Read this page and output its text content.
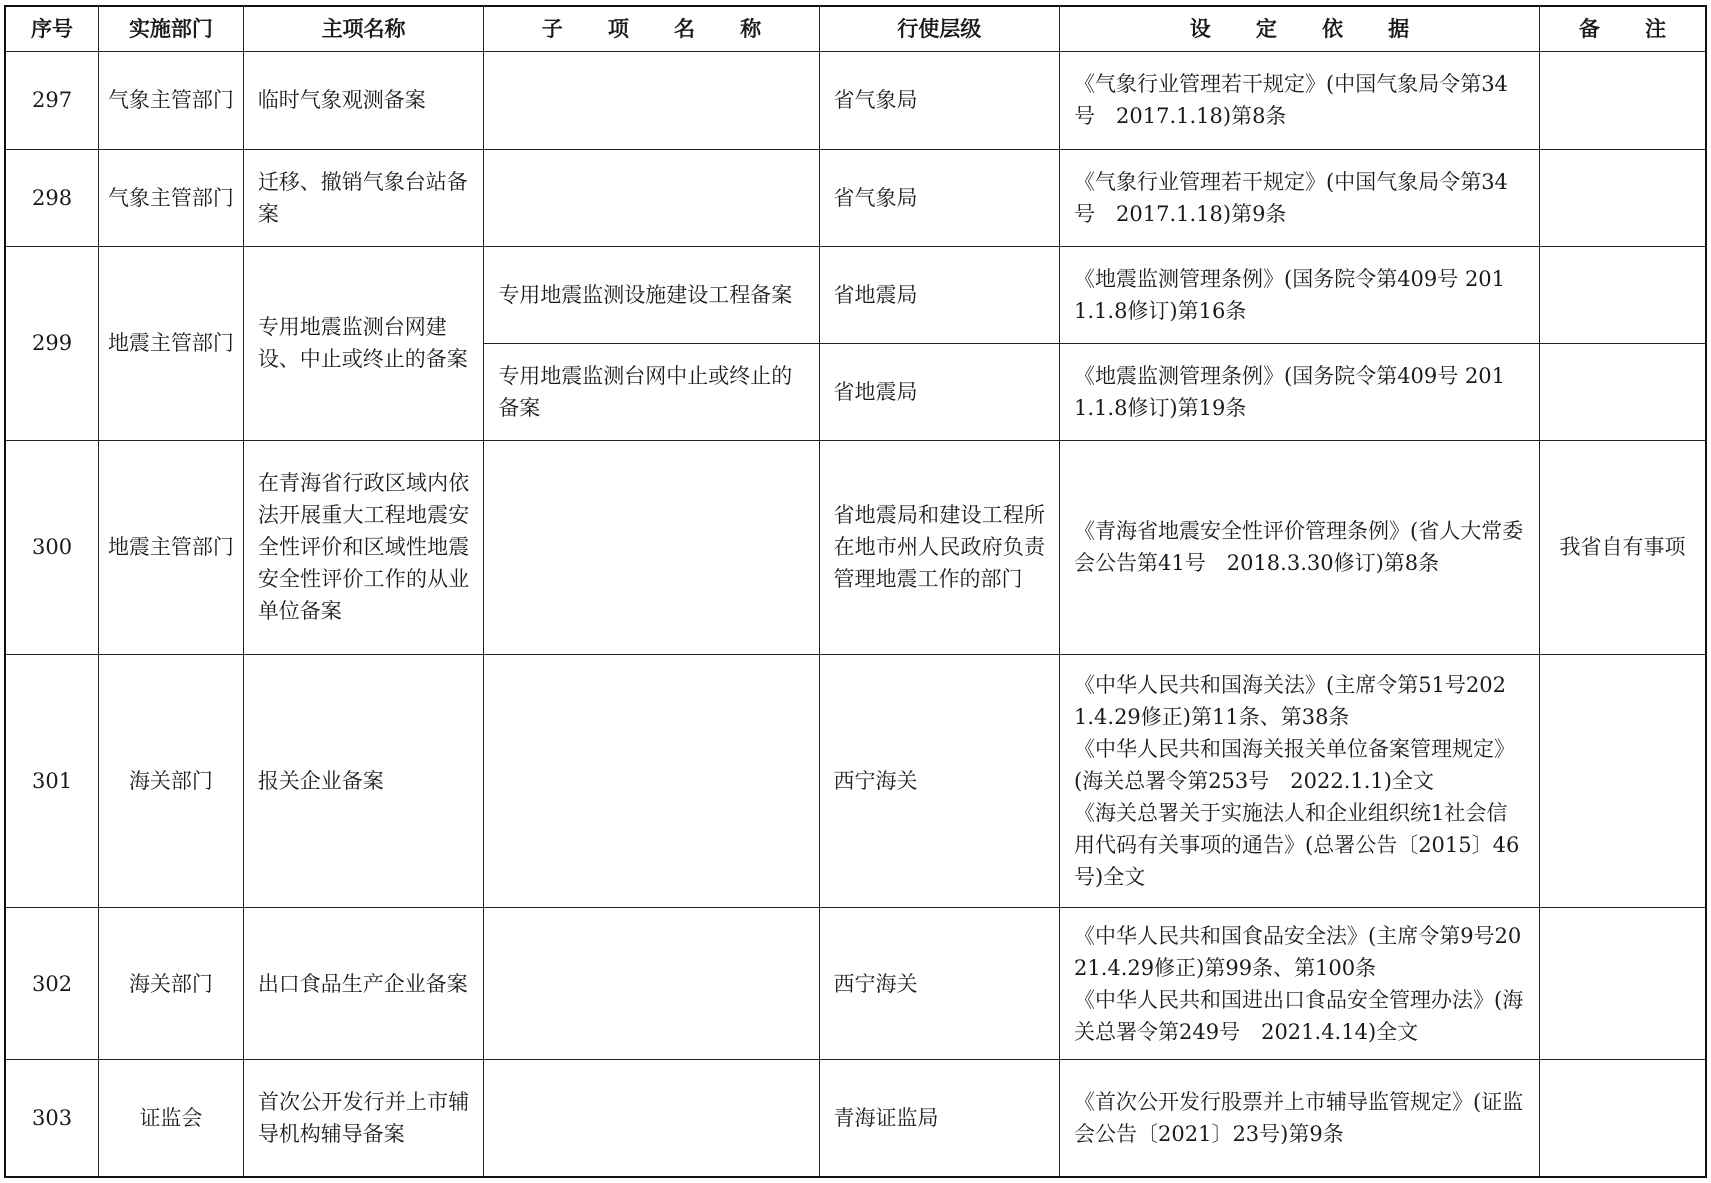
序号	实施部门	主项名称	子 项 名 称	行使层级	设 定 依 据	备 注
297	气象主管部门	临时气象观测备案		省气象局	《气象行业管理若干规定》(中国气象局令第34号　2017.1.18)第8条	

298	气象主管部门	迁移、撤销气象台站备案		省气象局	《气象行业管理若干规定》(中国气象局令第34号　2017.1.18)第9条	

299	地震主管部门	专用地震监测台网建设、中止或终止的备案	专用地震监测设施建设工程备案	省地震局	《地震监测管理条例》(国务院令第409号 2011.1.8修订)第16条	
			专用地震监测台网中止或终止的备案	省地震局	《地震监测管理条例》(国务院令第409号 2011.1.8修订)第19条	
300	地震主管部门	在青海省行政区域内依法开展重大工程地震安全性评价和区域性地震安全性评价工作的从业单位备案		省地震局和建设工程所在地市州人民政府负责管理地震工作的部门	《青海省地震安全性评价管理条例》(省人大常委会公告第41号　2018.3.30修订)第8条	我省自有事项
301	海关部门	报关企业备案		西宁海关	《中华人民共和国海关法》(主席令第51号2021.4.29修正)第11条、第38条
《中华人民共和国海关报关单位备案管理规定》(海关总署令第253号　2022.1.1)全文
《海关总署关于实施法人和企业组织统1社会信用代码有关事项的通告》(总署公告〔2015〕46号)全文	

302	海关部门	出口食品生产企业备案		西宁海关	《中华人民共和国食品安全法》(主席令第9号2021.4.29修正)第99条、第100条
《中华人民共和国进出口食品安全管理办法》(海关总署令第249号　2021.4.14)全文	

303	证监会	首次公开发行并上市辅导机构辅导备案		青海证监局	《首次公开发行股票并上市辅导监管规定》(证监会公告〔2021〕23号)第9条	
